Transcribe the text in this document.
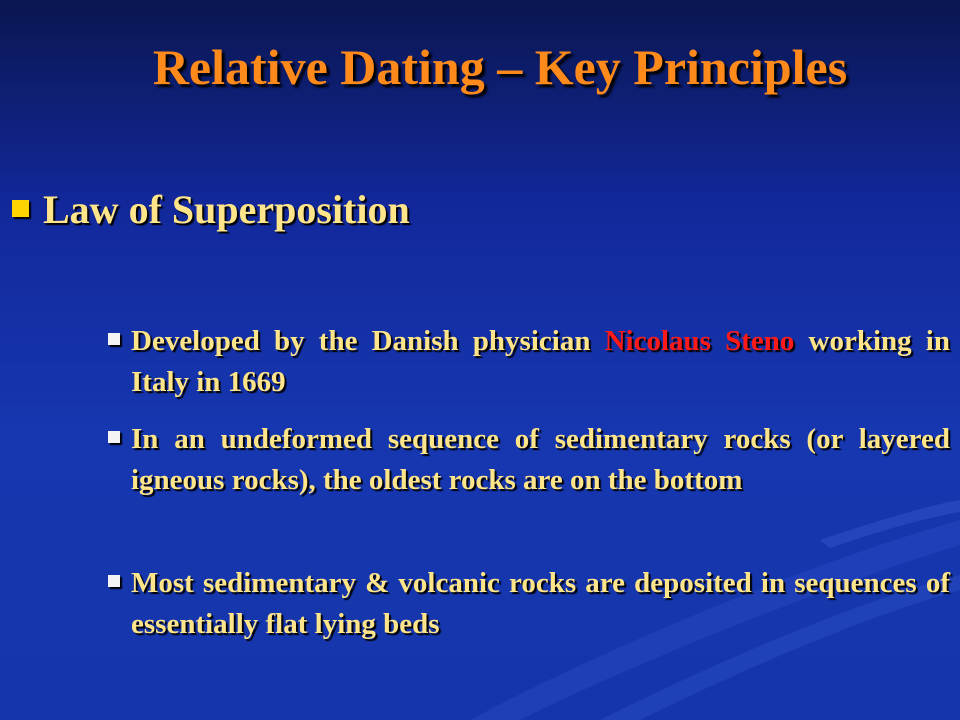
Relative Dating – Key Principles
Law of Superposition
Developed by the Danish physician Nicolaus Steno working in Italy in 1669
In an undeformed sequence of sedimentary rocks (or layered igneous rocks), the oldest rocks are on the bottom
Most sedimentary & volcanic rocks are deposited in sequences of essentially flat lying beds
